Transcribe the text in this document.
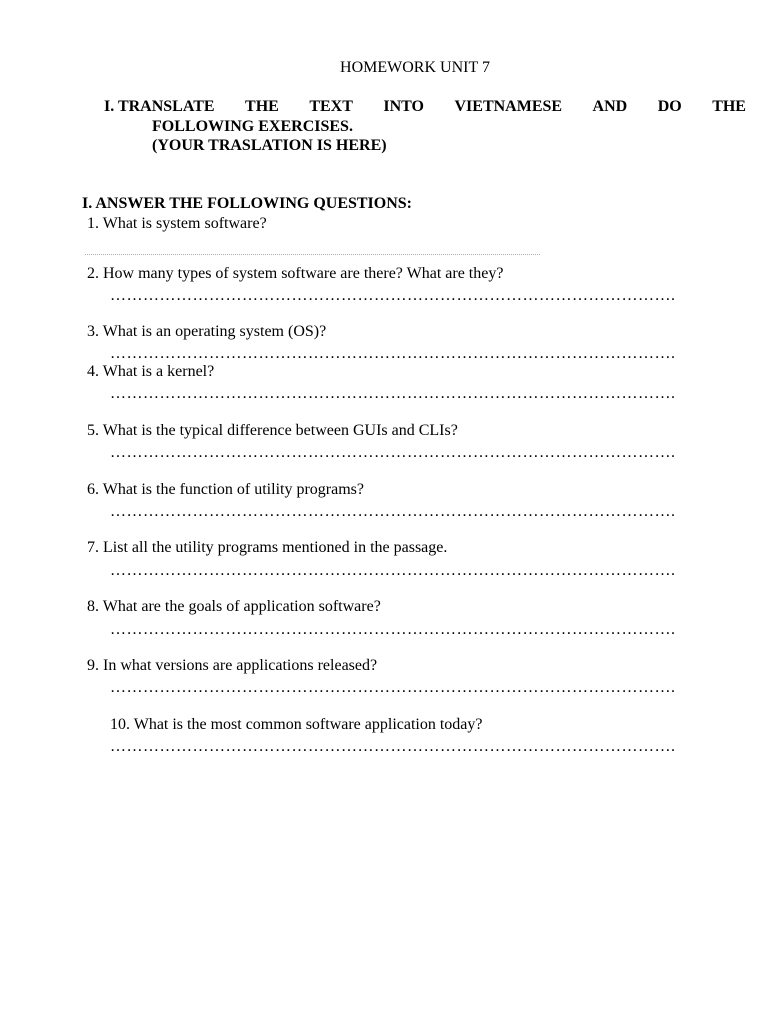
HOMEWORK UNIT 7
I. TRANSLATE THE TEXT INTO VIETNAMESE AND DO THE
FOLLOWING EXERCISES.
(YOUR TRASLATION IS HERE)
I. ANSWER THE FOLLOWING QUESTIONS:
1. What is system software?
2. How many types of system software are there? What are they?
………………………………………………………………………………………….
3. What is an operating system (OS)?
………………………………………………………………………………………….
4. What is a kernel?
………………………………………………………………………………………….
5. What is the typical difference between GUIs and CLIs?
………………………………………………………………………………………….
6. What is the function of utility programs?
………………………………………………………………………………………….
7. List all the utility programs mentioned in the passage.
………………………………………………………………………………………….
8. What are the goals of application software?
………………………………………………………………………………………….
9. In what versions are applications released?
………………………………………………………………………………………….
10. What is the most common software application today?
………………………………………………………………………………………….
